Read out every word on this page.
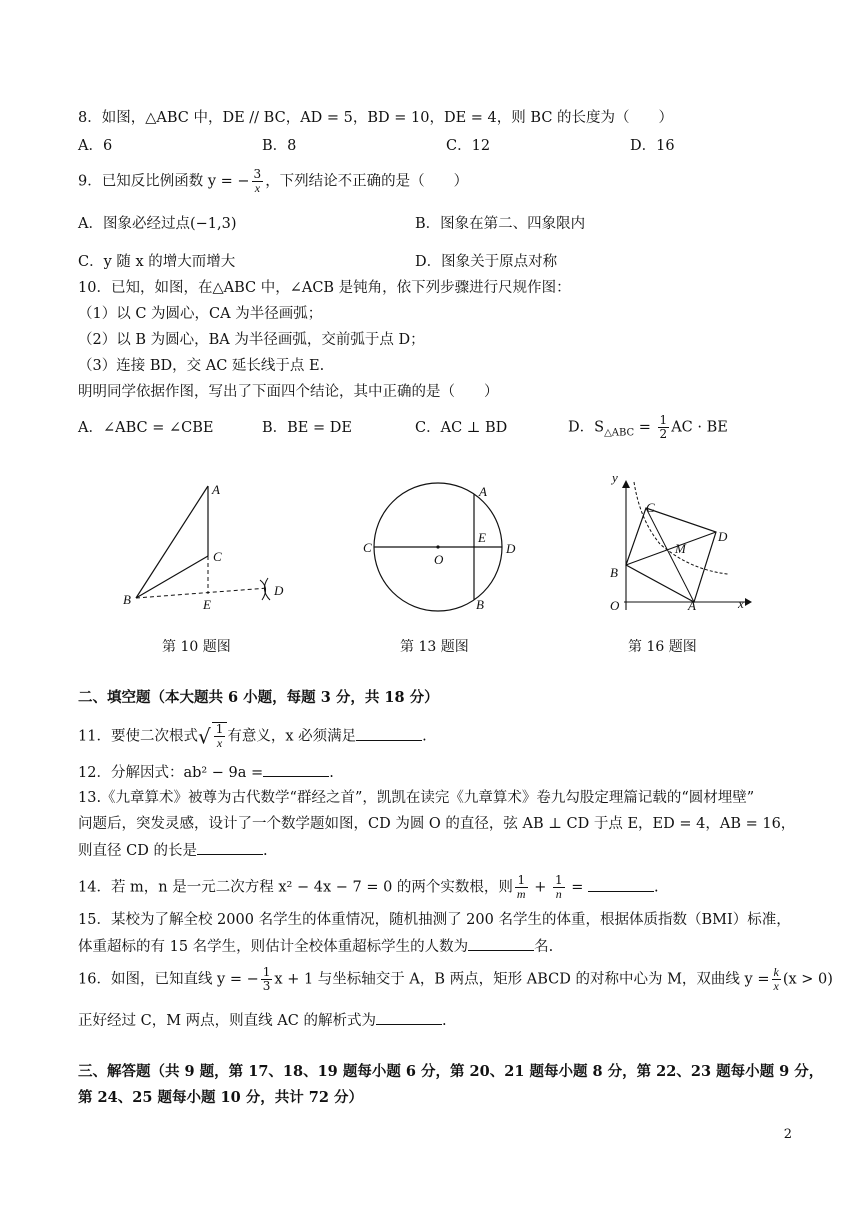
8．如图，△ABC 中，DE // BC，AD = 5，BD = 10，DE = 4，则 BC 的长度为（　　）
A．6	B．8	C．12	D．16
9．已知反比例函数 y = − $\frac{3}{x}$ ，下列结论不正确的是（　　）
A．图象必经过点(−1,3)	B．图象在第二、四象限内
C．y 随 x 的增大而增大	D．图象关于原点对称
10．已知，如图，在△ABC 中，∠ACB 是钝角，依下列步骤进行尺规作图：
（1）以 C 为圆心，CA 为半径画弧；
（2）以 B 为圆心，BA 为半径画弧，交前弧于点 D；
（3）连接 BD，交 AC 延长线于点 E.
明明同学依据作图，写出了下面四个结论，其中正确的是（　　）
A．∠ABC = ∠CBE	B．BE = DE	C．AC ⊥ BD	D．$S_{\triangle ABC} = \frac{1}{2}$ AC · BE
A
C
B	E
D
第 10 题图
C
O
E
D
A
B
第 13 题图
y
x
O	A
B
C
D
M
第 16 题图
二、填空题（本大题共 6 小题，每题 3 分，共 18 分）
11．要使二次根式√ $\frac{1}{x}$ 有意义，x 必须满足	.
12．分解因式：ab² − 9a =	.
13.《九章算术》被尊为古代数学“群经之首”，凯凯在读完《九章算术》卷九勾股定理篇记载的“圆材埋壁”
问题后，突发灵感，设计了一个数学题如图，CD 为圆 O 的直径，弦 AB ⊥ CD 于点 E，ED = 4，AB = 16，
则直径 CD 的长是	.
14．若 m，n 是一元二次方程 x² − 4x − 7 = 0 的两个实数根，则 $\frac{1}{m} + \frac{1}{n}$ =	.
15．某校为了解全校 2000 名学生的体重情况，随机抽测了 200 名学生的体重，根据体质指数（BMI）标准，
体重超标的有 15 名学生，则估计全校体重超标学生的人数为	名.
16．如图，已知直线 y = − $\frac{1}{3}$ x + 1 与坐标轴交于 A，B 两点，矩形 ABCD 的对称中心为 M，双曲线 $y = \frac{k}{x} (x > 0)$
正好经过 C，M 两点，则直线 AC 的解析式为	.
三、解答题（共 9 题，第 17、18、19 题每小题 6 分，第 20、21 题每小题 8 分，第 22、23 题每小题 9 分，
第 24、25 题每小题 10 分，共计 72 分）
2
